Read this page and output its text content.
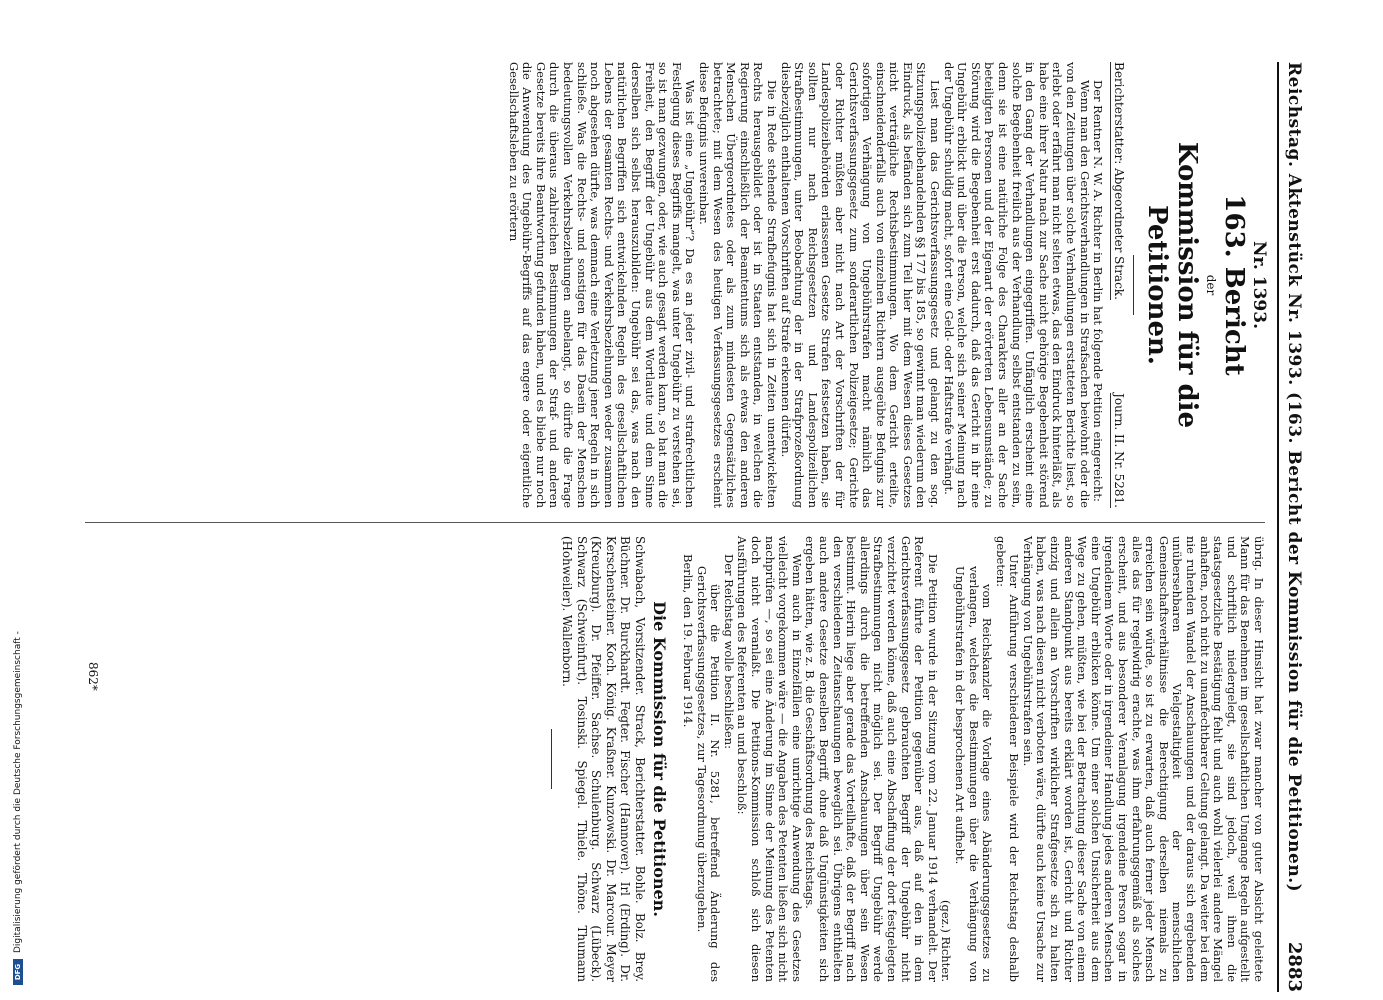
Reichstag. Aktenstück Nr. 1393. (163. Bericht der Kommission für die Petitionen.)
2883
Nr. 1393.
163. Bericht
der
Kommission für die Petitionen.
Berichterstatter: Abgeordneter Strack.
Journ. II. Nr. 5281.

Der Rentner N. W. A. Richter in Berlin hat folgende Petition eingereicht:

Wenn man den Gerichtsverhandlungen in Strafsachen beiwohnt oder die von den Zeitungen über solche Verhandlungen erstatteten Berichte liest, so erlebt oder erfährt man nicht selten etwas, das den Eindruck hinterläßt, als habe eine ihrer Natur nach zur Sache nicht gehörige Begebenheit störend in den Gang der Verhandlungen eingegriffen. Unfänglich erscheint eine solche Begebenheit freilich aus der Verhandlung selbst entstanden zu sein, denn sie ist eine natürliche Folge des Charakters aller an der Sache beteiligten Personen und der Eigenart der erörterten Lebensumstände; zu Störung wird die Begebenheit erst dadurch, daß das Gericht in ihr eine Ungebühr erblickt und über die Person, welche sich seiner Meinung nach der Ungebühr schuldig macht, sofort eine Geld- oder Haftstrafe verhängt.

Liest man das Gerichtsverfassungsgesetz und gelangt zu den sog. Sitzungspolizeibehandelnden §§ 177 bis 185, so gewinnt man wiederum den Eindruck, als befänden sich zum Teil hier mit dem Wesen dieses Gesetzes nicht verträgliche Rechtsbestimmungen. Wo dem Gericht erteilte, einschneidenderfalls auch von einzelnen Richtern ausgeübte Befugnis zur sofortigen Verhängung von Ungebührstrafen macht nämlich das Gerichtsverfassungsgesetz zum sonderartlichen Polizeigesetze; Gerichte oder Richter müßten aber nicht nach Art der Vorschriften der für Landespolizeibehörden erlassenen Gesetze Strafen festsetzen haben, sie sollten nur nach Reichsgesetzen und Landespolizeilichen Strafbestimmungen, unter Beobachtung der in der Strafprozeßordnung diesbezüglich enthaltenen Vorschriften auf Strafe erkennen dürfen.

Die in Rede stehende Strafbefugnis hat sich in Zeiten unentwickelten Rechts herausgebildet oder ist in Staaten entstanden, in welchen die Regierung einschließlich der Beamtentums sich als etwas den anderen Menschen Übergeordnetes oder als zum mindesten Gegensätzliches betrachtete; mit dem Wesen des heutigen Verfassungsgesetzes erscheint diese Befugnis unvereinbar.

Was ist eine „Ungebühr“? Da es an jeder zivil- und strafrechtlichen Festlegung dieses Begriffs mangelt, was unter Ungebühr zu verstehen sei, so ist man gezwungen, oder, wie auch gesagt werden kann, so hat man die Freiheit, den Begriff der Ungebühr aus dem Wortlaute und dem Sinne derselben sich selbst herauszubilden: Ungebühr sei das, was nach den natürlichen Begriffen sich entwickelnden Regeln des gesellschaftlichen Lebens der gesamten Rechts- und Verkehrsbeziehungen weder zusammen noch abgesehen dürfte, was demnach eine Verletzung jener Regeln in sich schließe. Was die Rechts- und sonstigen für das Dasein der Menschen bedeutungsvollen Verkehrsbeziehungen anbelangt, so dürfte die Frage durch die überaus zahlreichen Bestimmungen der Straf- und anderen Gesetze bereits ihre Beantwortung gefunden haben, und es bliebe nur noch die Anwendung des Ungebühr-Begriffs auf das engere oder eigentliche Gesellschaftsleben zu erörtern

übrig. In dieser Hinsicht hat zwar mancher von guter Absicht geleitete Mann für das Benehmen im gesellschaftlichen Umgange Regeln aufgestellt und schriftlich niedergelegt, sie sind jedoch, weil ihnen die staatsgesetzliche Bestätigung fehlt und auch wohl vielerlei andere Mängel anhaften, noch nicht zu unanfechtbarer Geltung gelangt. Da weiter bei dem nie ruhenden Wandel der Anschauungen und der daraus sich ergebenden unübersehbaren Vielgestaltigkeit der menschlichen Gemeinschaftsverhältnisse die Berechtigung derselben niemals zu erreichen sein würde, so ist zu erwarten, daß auch ferner jeder Mensch alles das für regelwidrig erachte, was ihm erfahrungsgemäß als solches erscheint, und aus besonderer Veranlagung irgendeine Person sogar in irgendeinem Worte oder in irgendeiner Handlung jedes anderen Menschen eine Ungebühr erblicken könne. Um einer solchen Unsicherheit aus dem Wege zu gehen, müßten, wie bei der Betrachtung dieser Sache von einem anderen Standpunkt aus bereits erklärt worden ist, Gericht und Richter einzig und allein an Vorschriften wirklicher Strafgesetze sich zu halten haben, was nach diesen nicht verboten wäre, dürfte auch keine Ursache zur Verhängung von Ungebührstrafen sein.

Unter Anführung verschiedener Beispiele wird der Reichstag deshalb gebeten:

vom Reichskanzler die Vorlage eines Abänderungsgesetzes zu verlangen, welches die Bestimmungen über die Verhängung von Ungebührstrafen in der besprochenen Art aufhebt.

(gez.) Richter.

Die Petition wurde in der Sitzung vom 22. Januar 1914 verhandelt. Der Referent führte der Petition gegenüber aus, daß auf den in dem Gerichtsverfassungsgesetz gebrauchten Begriff der Ungebühr nicht verzichtet werden könne, daß auch eine Abschaffung der dort festgelegten Strafbestimmungen nicht möglich sei. Der Begriff Ungebühr werde allerdings durch die betreffenden Anschauungen über sein Wesen bestimmt. Hierin liege aber gerade das Vorteilhafte, daß der Begriff nach den verschiedenen Zeitanschauungen beweglich sei. Übrigens enthielten auch andere Gesetze denselben Begriff, ohne daß Ungünstigkeiten sich ergeben hätten, wie z. B. die Geschäftsordnung des Reichstags.

Wenn auch in Einzelfällen eine unrichtige Anwendung des Gesetzes vielleicht vorgekommen wäre — die Angaben des Petenten ließen sich nicht nachprüfen —, so sei eine Änderung im Sinne der Meinung des Petenten doch nicht veranlaßt. Die Petitions-Kommission schloß sich diesen Ausführungen des Referenten an und beschloß:

Der Reichstag wolle beschließen:

über die Petition II. Nr. 5281, betreffend Änderung des Gerichtsverfassungsgesetzes, zur Tagesordnung überzugehen.

Berlin, den 19. Februar 1914.

Die Kommission für die Petitionen.

Schwabach, Vorsitzender. Strack, Berichterstatter. Bohle. Bolz. Brey. Büchner. Dr. Burckhardt. Fegter. Fischer (Hannover). Irl (Erding). Dr. Kerschensteiner. Koch. König. Kraßner. Kunzowski. Dr. Marcour. Meyer (Kreuzburg). Dr. Pfeiffer. Sachse. Schulenburg. Schwarz (Lübeck). Schwarz (Schweinfurt). Tosinski. Spiegel. Thiele. Thöne. Thumann (Hohweiler). Wallenborn.

862*
DFG
Digitalisierung gefördert durch die Deutsche Forschungsgemeinschaft -
